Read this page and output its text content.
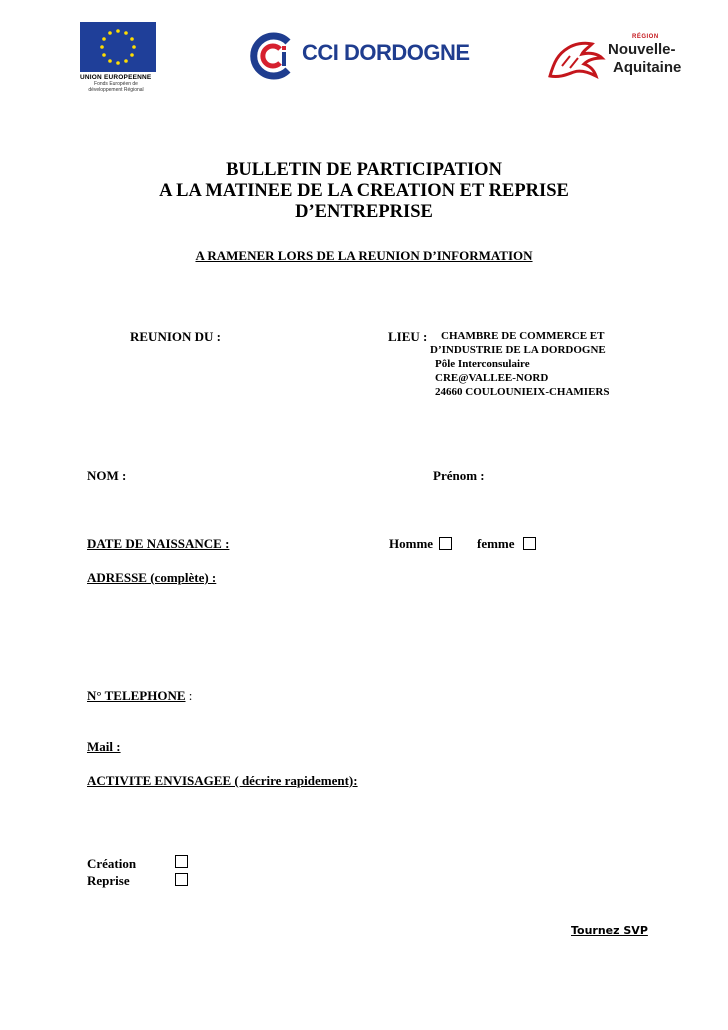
UNION EUROPEENNE
Fonds Européen de développement Régional
CCI DORDOGNE
RÉGION
Nouvelle-
Aquitaine
BULLETIN DE PARTICIPATION
A LA MATINEE DE LA CREATION ET REPRISE
D’ENTREPRISE
A RAMENER LORS DE LA REUNION D’INFORMATION
REUNION DU :	LIEU :	CHAMBRE DE COMMERCE ET
D’INDUSTRIE DE LA DORDOGNE
Pôle Interconsulaire
CRE@VALLEE-NORD
24660 COULOUNIEIX-CHAMIERS
NOM :	Prénom :
DATE DE NAISSANCE :	Homme	femme
ADRESSE (complète) :
N° TELEPHONE :
Mail :
ACTIVITE ENVISAGEE ( décrire rapidement):
Création
Reprise
Tournez SVP
